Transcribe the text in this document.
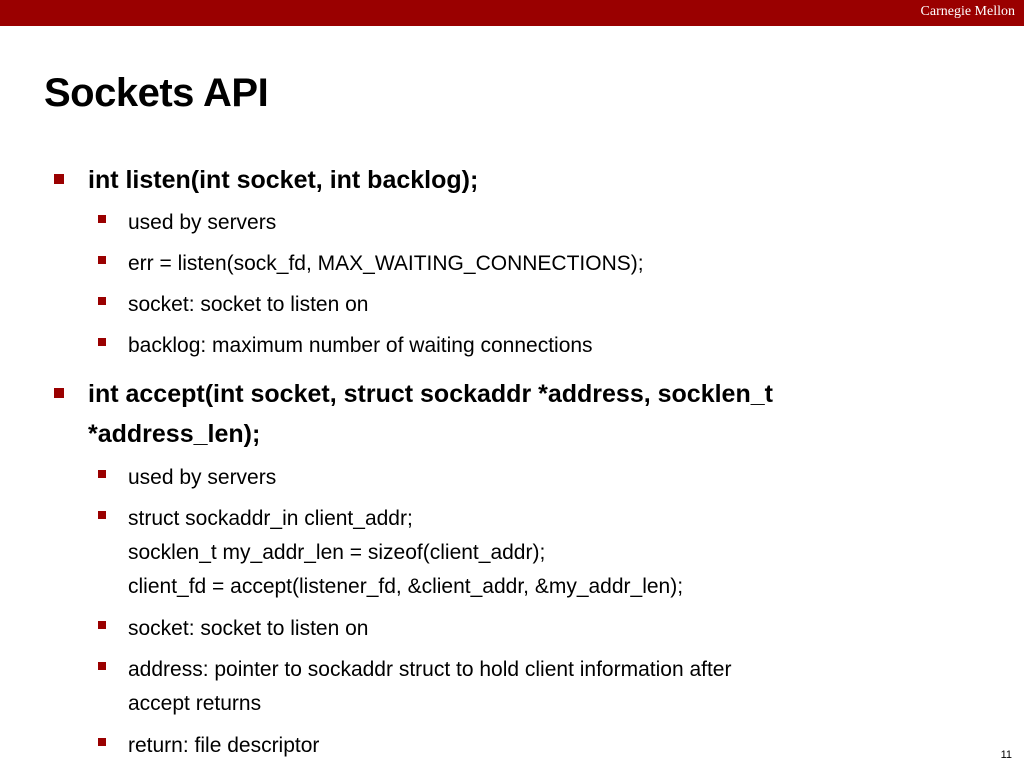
Carnegie Mellon
Sockets API
int listen(int socket, int backlog);
used by servers
err = listen(sock_fd, MAX_WAITING_CONNECTIONS);
socket: socket to listen on
backlog: maximum number of waiting connections
int accept(int socket, struct sockaddr *address, socklen_t
*address_len);
used by servers
struct sockaddr_in client_addr;
socklen_t my_addr_len = sizeof(client_addr);
client_fd = accept(listener_fd, &client_addr, &my_addr_len);
socket: socket to listen on
address: pointer to sockaddr struct to hold client information after
accept returns
return: file descriptor	11
